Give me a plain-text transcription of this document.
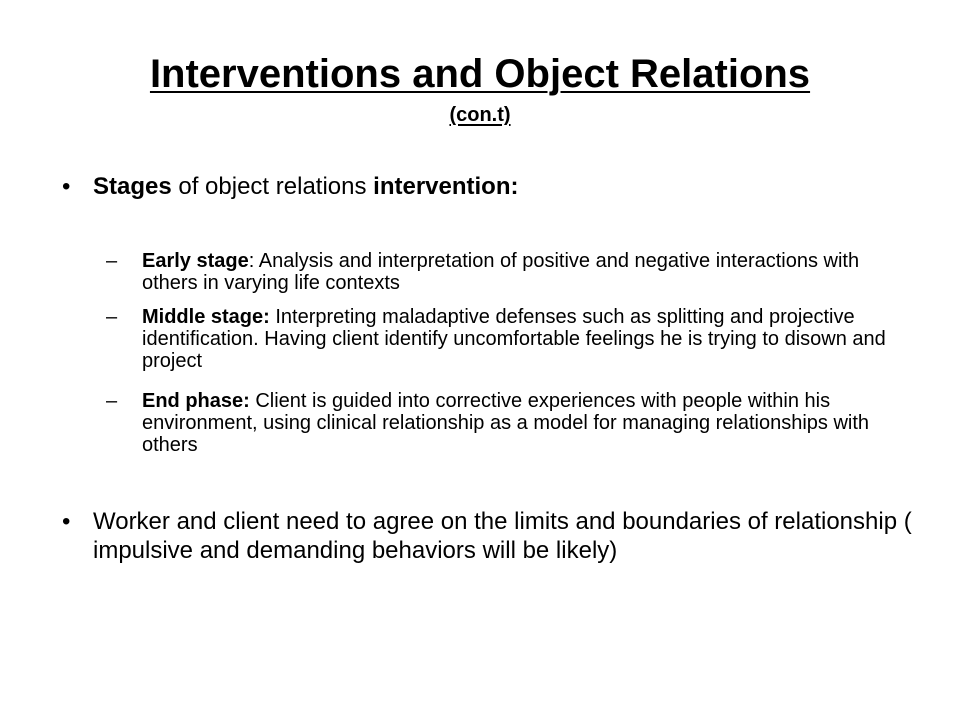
Interventions and Object Relations
(con.t)
• Stages of object relations intervention:
–	Early stage: Analysis and interpretation of positive and negative interactions with others in varying life contexts
–	Middle stage: Interpreting maladaptive defenses such as splitting and projective identification. Having client identify uncomfortable feelings he is trying to disown and project
–	End phase: Client is guided into corrective experiences with people within his environment, using clinical relationship as a model for managing relationships with others
• Worker and client need to agree on the limits and boundaries of relationship ( impulsive and demanding behaviors will be likely)
